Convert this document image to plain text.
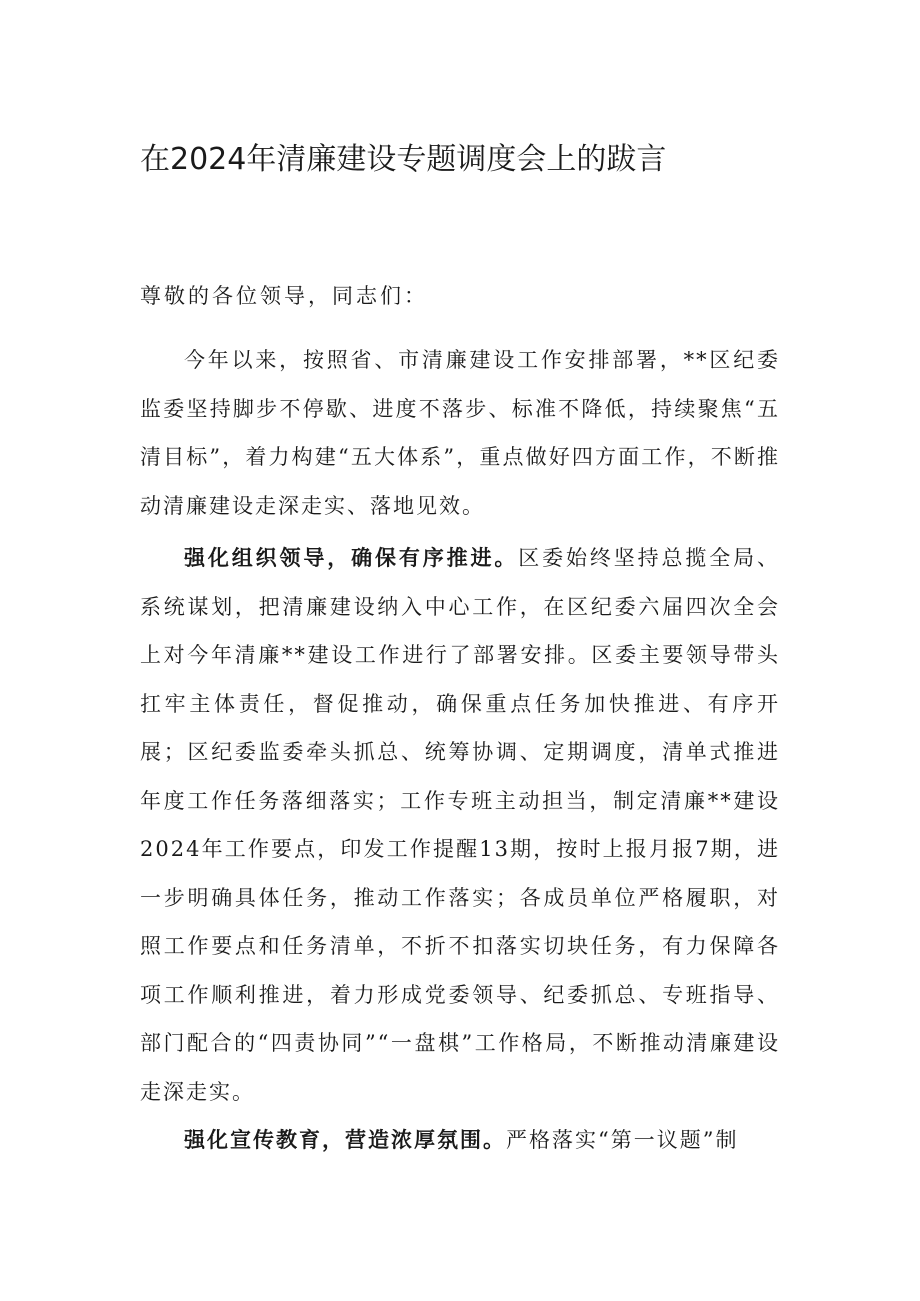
在2024年清廉建设专题调度会上的跋言
尊敬的各位领导，同志们：
今年以来，按照省、市清廉建设工作安排部署，**区纪委监委坚持脚步不停歇、进度不落步、标准不降低，持续聚焦“五清目标”，着力构建“五大体系”，重点做好四方面工作，不断推动清廉建设走深走实、落地见效。
强化组织领导，确保有序推进。区委始终坚持总揽全局、系统谋划，把清廉建设纳入中心工作，在区纪委六届四次全会上对今年清廉**建设工作进行了部署安排。区委主要领导带头扛牢主体责任，督促推动，确保重点任务加快推进、有序开展；区纪委监委牵头抓总、统筹协调、定期调度，清单式推进年度工作任务落细落实；工作专班主动担当，制定清廉**建设2024年工作要点，印发工作提醒13期，按时上报月报7期，进一步明确具体任务，推动工作落实；各成员单位严格履职，对照工作要点和任务清单，不折不扣落实切块任务，有力保障各项工作顺利推进，着力形成党委领导、纪委抓总、专班指导、部门配合的“四责协同”“一盘棋”工作格局，不断推动清廉建设走深走实。
强化宣传教育，营造浓厚氛围。严格落实“第一议题”制
